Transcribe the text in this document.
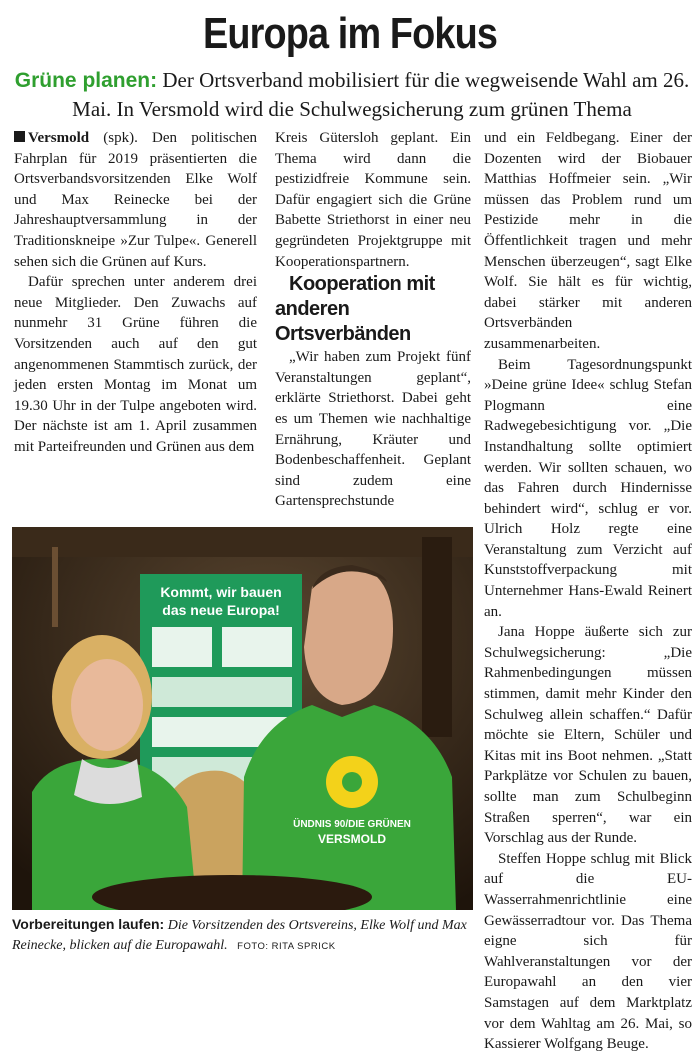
Europa im Fokus
Grüne planen: Der Ortsverband mobilisiert für die wegweisende Wahl am 26. Mai. In Versmold wird die Schulwegsicherung zum grünen Thema

Versmold (spk). Den politischen Fahrplan für 2019 präsentierten die Ortsverbandsvorsitzenden Elke Wolf und Max Reinecke bei der Jahreshauptversammlung in der Traditionskneipe »Zur Tulpe«. Generell sehen sich die Grünen auf Kurs.

Dafür sprechen unter anderem drei neue Mitglieder. Den Zuwachs auf nunmehr 31 Grüne führen die Vorsitzenden auch auf den gut angenommenen Stammtisch zurück, der jeden ersten Montag im Monat um 19.30 Uhr in der Tulpe angeboten wird. Der nächste ist am 1. April zusammen mit Parteifreunden und Grünen aus dem

Kreis Gütersloh geplant. Ein Thema wird dann die pestizidfreie Kommune sein. Dafür engagiert sich die Grüne Babette Striethorst in einer neu gegründeten Projektgruppe mit Kooperationspartnern.

Kooperation mit anderen Ortsverbänden

„Wir haben zum Projekt fünf Veranstaltungen geplant“, erklärte Striethorst. Dabei geht es um Themen wie nachhaltige Ernährung, Kräuter und Bodenbeschaffenheit. Geplant sind zudem eine Gartensprechstunde

und ein Feldbegang. Einer der Dozenten wird der Biobauer Matthias Hoffmeier sein. „Wir müssen das Problem rund um Pestizide mehr in die Öffentlichkeit tragen und mehr Menschen überzeugen“, sagt Elke Wolf. Sie hält es für wichtig, dabei stärker mit anderen Ortsverbänden zusammenarbeiten.

Beim Tagesordnungspunkt »Deine grüne Idee« schlug Stefan Plogmann eine Radwegebesichtigung vor. „Die Instandhaltung sollte optimiert werden. Wir sollten schauen, wo das Fahren durch Hindernisse behindert wird“, schlug er vor. Ulrich Holz regte eine Veranstaltung zum Verzicht auf Kunststoffverpackung mit Unternehmer Hans-Ewald Reinert an.

Jana Hoppe äußerte sich zur Schulwegsicherung: „Die Rahmenbedingungen müssen stimmen, damit mehr Kinder den Schulweg allein schaffen.“ Dafür möchte sie Eltern, Schüler und Kitas mit ins Boot nehmen. „Statt Parkplätze vor Schulen zu bauen, sollte man zum Schulbeginn Straßen sperren“, war ein Vorschlag aus der Runde.

Steffen Hoppe schlug mit Blick auf die EU-Wasserrahmenrichtlinie eine Gewässerradtour vor. Das Thema eigne sich für Wahlveranstaltungen vor der Europawahl an den vier Samstagen auf dem Marktplatz vor dem Wahltag am 26. Mai, so Kassierer Wolfgang Beuge.

Kommt, wir bauen
das neue Europa!
ÜNDNIS 90/DIE GRÜNEN
VERSMOLD
Vorbereitungen laufen: Die Vorsitzenden des Ortsvereins, Elke Wolf und Max Reinecke, blicken auf die Europawahl. FOTO: RITA SPRICK
